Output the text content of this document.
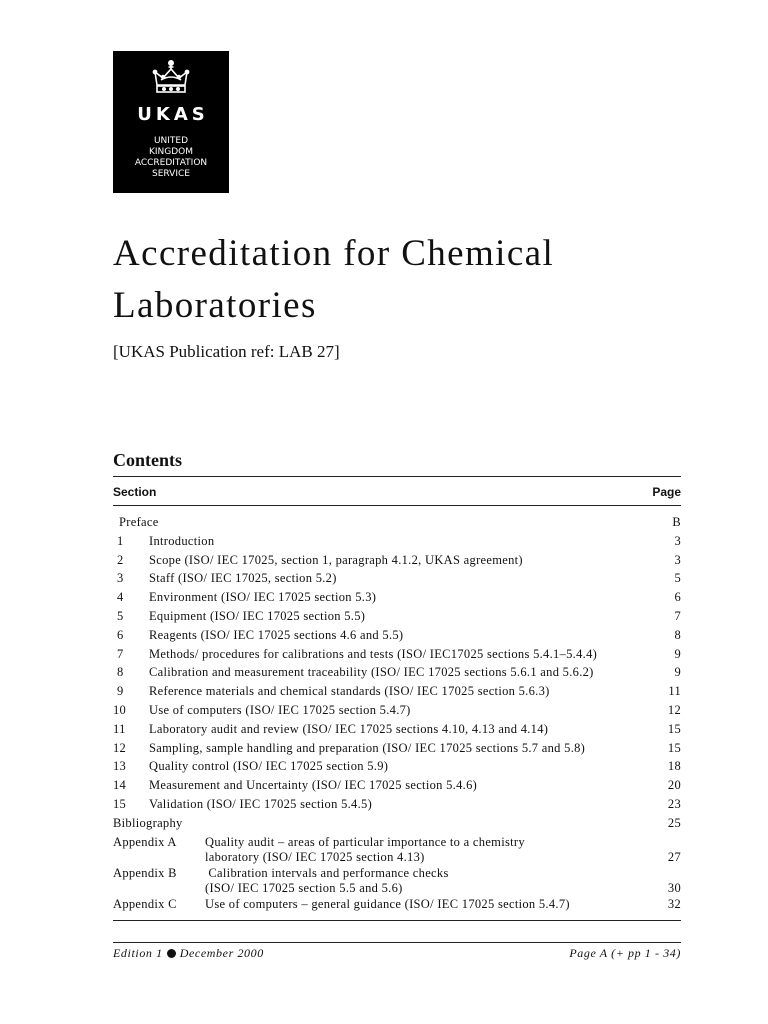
UKAS
UNITED
KINGDOM
ACCREDITATION
SERVICE
Accreditation for Chemical
Laboratories
[UKAS Publication ref: LAB 27]
Contents
Section	Page
Preface	B
1 Introduction	3
2 Scope (ISO/ IEC 17025, section 1, paragraph 4.1.2, UKAS agreement)	3
3 Staff (ISO/ IEC 17025, section 5.2)	5
4 Environment (ISO/ IEC 17025 section 5.3)	6
5 Equipment (ISO/ IEC 17025 section 5.5)	7
6 Reagents (ISO/ IEC 17025 sections 4.6 and 5.5)	8
7 Methods/ procedures for calibrations and tests (ISO/ IEC17025 sections 5.4.1–5.4.4)	9
8 Calibration and measurement traceability (ISO/ IEC 17025 sections 5.6.1 and 5.6.2)	9
9 Reference materials and chemical standards (ISO/ IEC 17025 section 5.6.3)	11
10 Use of computers (ISO/ IEC 17025 section 5.4.7)	12
11 Laboratory audit and review (ISO/ IEC 17025 sections 4.10, 4.13 and 4.14)	15
12 Sampling, sample handling and preparation (ISO/ IEC 17025 sections 5.7 and 5.8)	15
13 Quality control (ISO/ IEC 17025 section 5.9)	18
14 Measurement and Uncertainty (ISO/ IEC 17025 section 5.4.6)	20
15 Validation (ISO/ IEC 17025 section 5.4.5)	23
Bibliography	25
Appendix A Quality audit – areas of particular importance to a chemistry
laboratory (ISO/ IEC 17025 section 4.13)	27
Appendix B Calibration intervals and performance checks
(ISO/ IEC 17025 section 5.5 and 5.6)	30
Appendix C Use of computers – general guidance (ISO/ IEC 17025 section 5.4.7)	32
Edition 1 December 2000	Page A (+ pp 1 - 34)
